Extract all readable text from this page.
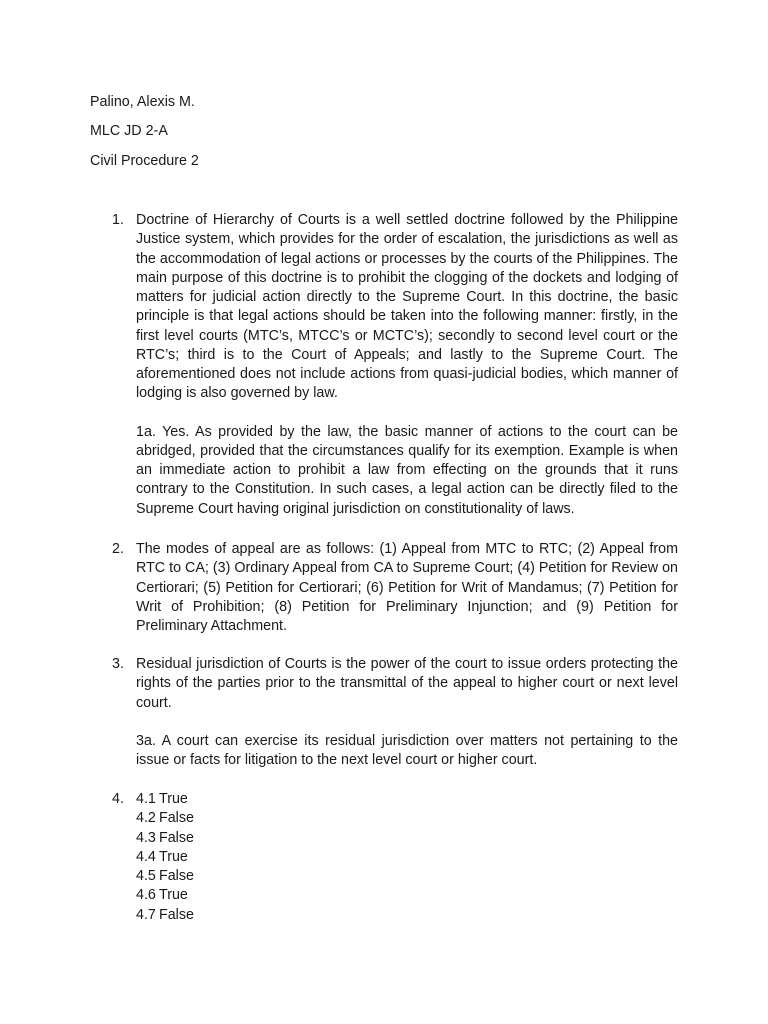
Palino, Alexis M.
MLC JD 2-A
Civil Procedure 2
1. Doctrine of Hierarchy of Courts is a well settled doctrine followed by the Philippine Justice system, which provides for the order of escalation, the jurisdictions as well as the accommodation of legal actions or processes by the courts of the Philippines. The main purpose of this doctrine is to prohibit the clogging of the dockets and lodging of matters for judicial action directly to the Supreme Court. In this doctrine, the basic principle is that legal actions should be taken into the following manner: firstly, in the first level courts (MTC’s, MTCC’s or MCTC’s); secondly to second level court or the RTC’s; third is to the Court of Appeals; and lastly to the Supreme Court. The aforementioned does not include actions from quasi-judicial bodies, which manner of lodging is also governed by law.

1a. Yes. As provided by the law, the basic manner of actions to the court can be abridged, provided that the circumstances qualify for its exemption. Example is when an immediate action to prohibit a law from effecting on the grounds that it runs contrary to the Constitution. In such cases, a legal action can be directly filed to the Supreme Court having original jurisdiction on constitutionality of laws.

2. The modes of appeal are as follows: (1) Appeal from MTC to RTC; (2) Appeal from RTC to CA; (3) Ordinary Appeal from CA to Supreme Court; (4) Petition for Review on Certiorari; (5) Petition for Certiorari; (6) Petition for Writ of Mandamus; (7) Petition for Writ of Prohibition; (8) Petition for Preliminary Injunction; and (9) Petition for Preliminary Attachment.

3. Residual jurisdiction of Courts is the power of the court to issue orders protecting the rights of the parties prior to the transmittal of the appeal to higher court or next level court.

3a. A court can exercise its residual jurisdiction over matters not pertaining to the issue or facts for litigation to the next level court or higher court.

4. 4.1 True
4.2 False
4.3 False
4.4 True
4.5 False
4.6 True
4.7 False
